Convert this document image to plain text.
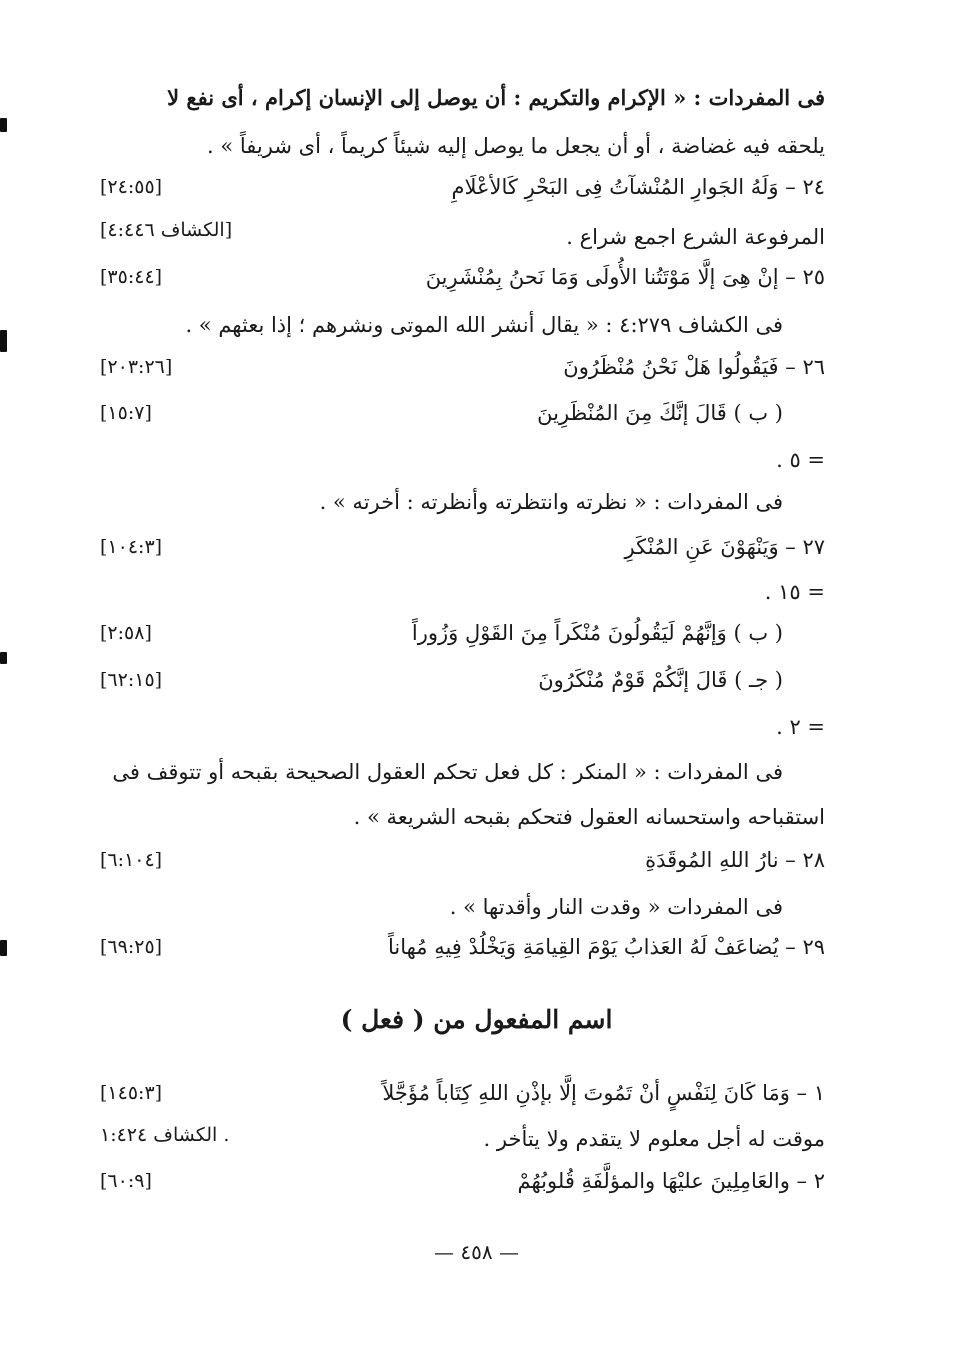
فى المفردات : « الإكرام والتكريم : أن يوصل إلى الإنسان إكرام ، أى نفع لا
يلحقه فيه غضاضة ، أو أن يجعل ما يوصل إليه شيئاً كريماً ، أى شريفاً » .
٢٤ – وَلَهُ الجَوارِ المُنْشآتُ فِى البَحْرِ كَالأعْلَامِ
[٢٤:٥٥]
المرفوعة الشرع اجمع شراع .
[الكشاف ٤:٤٤٦]
٢٥ – إنْ هِىَ إلَّا مَوْتَتُنا الأُولَى وَمَا نَحنُ بِمُنْشَرِينَ
[٣٥:٤٤]
فى الكشاف ٤:٢٧٩ : « يقال أنشر الله الموتى ونشرهم ؛ إذا بعثهم » .
٢٦ – فَيَقُولُوا هَلْ نَحْنُ مُنْظَرُونَ
[٢٠٣:٢٦]
( ب ) قَالَ إنَّكَ مِنَ المُنْظَرِينَ
[١٥:٧]
= ٥ .
فى المفردات : « نظرته وانتظرته وأنظرته : أخرته » .
٢٧ – وَيَنْهَوْنَ عَنِ المُنْكَرِ
[١٠٤:٣]
= ١٥ .
( ب ) وَإنَّهُمْ لَيَقُولُونَ مُنْكَراً مِنَ القَوْلِ وَزُوراً
[٢:٥٨]
( جـ ) قَالَ إنَّكُمْ قَوْمٌ مُنْكَرُونَ
[٦٢:١٥]
= ٢ .
فى المفردات : « المنكر : كل فعل تحكم العقول الصحيحة بقبحه أو تتوقف فى
استقباحه واستحسانه العقول فتحكم بقبحه الشريعة » .
٢٨ – نارُ اللهِ المُوقَدَةِ
[٦:١٠٤]
فى المفردات « وقدت النار وأقدتها » .
٢٩ – يُضاعَفْ لَهُ العَذابُ يَوْمَ القِيامَةِ وَيَخْلُدْ فِيهِ مُهاناً
[٦٩:٢٥]
اسم المفعول من ( فعل )
١ – وَمَا كَانَ لِنَفْسٍ أنْ تَمُوتَ إلَّا بإذْنِ اللهِ كِتَاباً مُؤَجَّلاً
[١٤٥:٣]
موقت له أجل معلوم لا يتقدم ولا يتأخر .
الكشاف ١:٤٢٤ .
٢ – والعَامِلِينَ عليْهَا والمؤلَّفَةِ قُلوبُهُمْ
[٦٠:٩]
— ٤٥٨ —
